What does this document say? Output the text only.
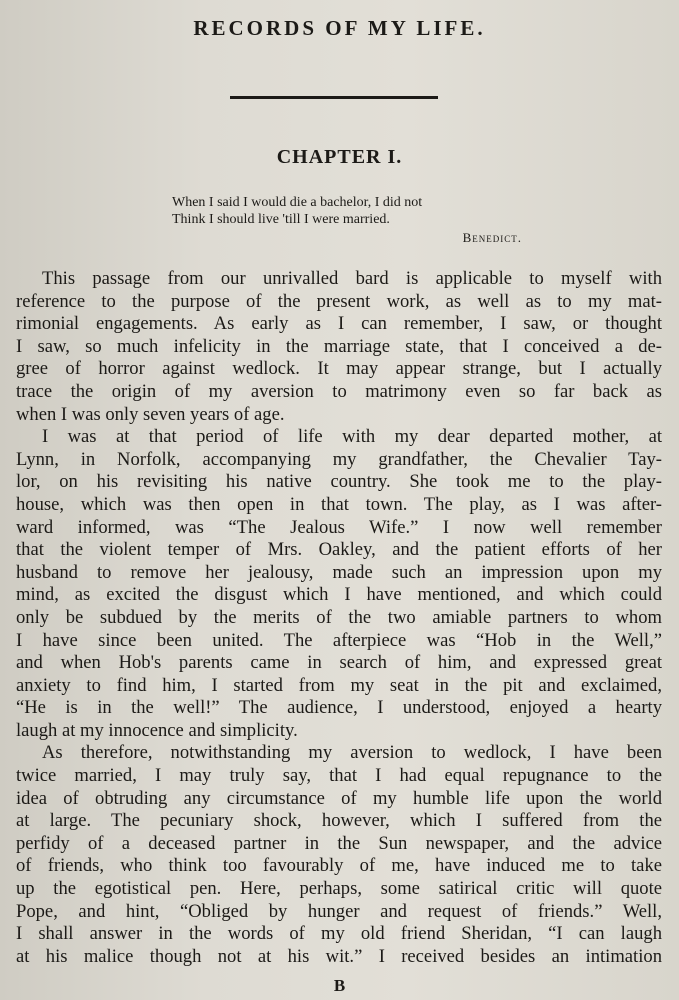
RECORDS OF MY LIFE.
CHAPTER I.
When I said I would die a bachelor, I did not
Think I should live 'till I were married.
Benedict.
This passage from our unrivalled bard is applicable to myself with
reference to the purpose of the present work, as well as to my mat-
rimonial engagements. As early as I can remember, I saw, or thought
I saw, so much infelicity in the marriage state, that I conceived a de-
gree of horror against wedlock. It may appear strange, but I actually
trace the origin of my aversion to matrimony even so far back as
when I was only seven years of age.
I was at that period of life with my dear departed mother, at
Lynn, in Norfolk, accompanying my grandfather, the Chevalier Tay-
lor, on his revisiting his native country. She took me to the play-
house, which was then open in that town. The play, as I was after-
ward informed, was “The Jealous Wife.” I now well remember
that the violent temper of Mrs. Oakley, and the patient efforts of her
husband to remove her jealousy, made such an impression upon my
mind, as excited the disgust which I have mentioned, and which could
only be subdued by the merits of the two amiable partners to whom
I have since been united. The afterpiece was “Hob in the Well,”
and when Hob's parents came in search of him, and expressed great
anxiety to find him, I started from my seat in the pit and exclaimed,
“He is in the well!” The audience, I understood, enjoyed a hearty
laugh at my innocence and simplicity.
As therefore, notwithstanding my aversion to wedlock, I have been
twice married, I may truly say, that I had equal repugnance to the
idea of obtruding any circumstance of my humble life upon the world
at large. The pecuniary shock, however, which I suffered from the
perfidy of a deceased partner in the Sun newspaper, and the advice
of friends, who think too favourably of me, have induced me to take
up the egotistical pen. Here, perhaps, some satirical critic will quote
Pope, and hint, “Obliged by hunger and request of friends.” Well,
I shall answer in the words of my old friend Sheridan, “I can laugh
at his malice though not at his wit.” I received besides an intimation
B
